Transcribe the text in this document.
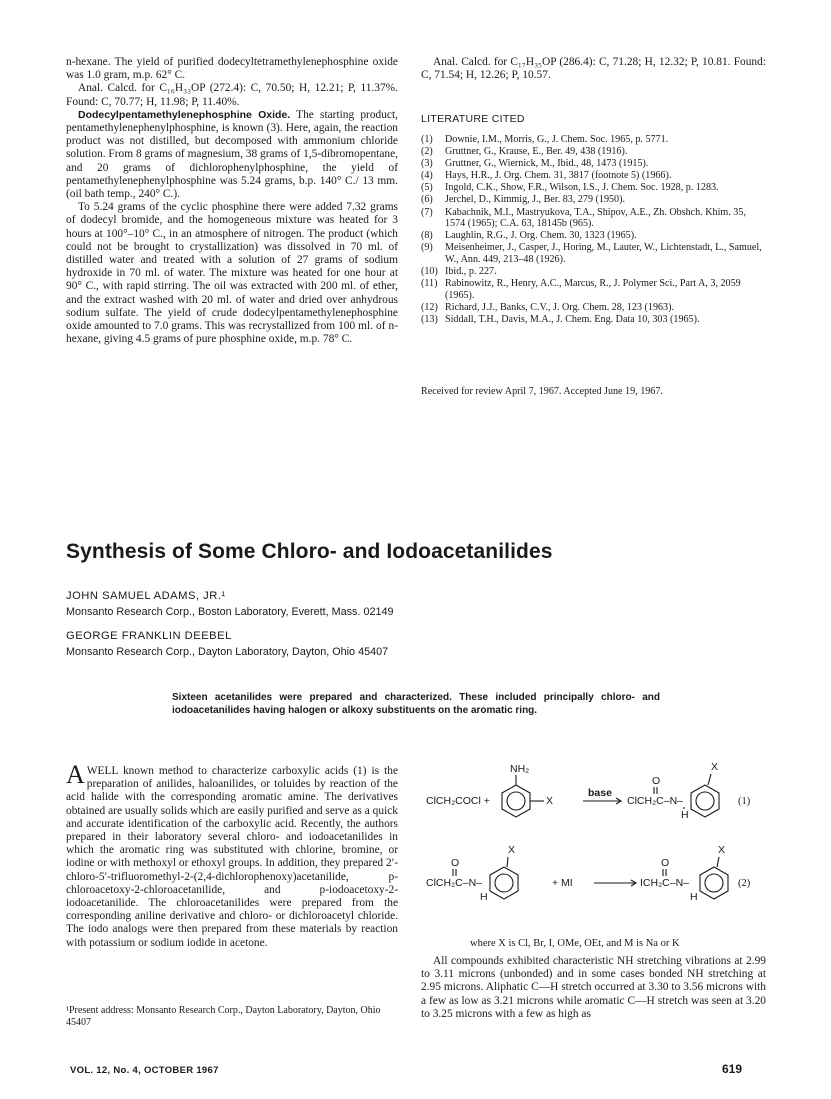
n-hexane. The yield of purified dodecyltetramethylenephosphine oxide was 1.0 gram, m.p. 62° C.

Anal. Calcd. for C₁₆H₃₃OP (272.4): C, 70.50; H, 12.21; P, 11.37%. Found: C, 70.77; H, 11.98; P, 11.40%.

Dodecylpentamethylenephosphine Oxide. The starting product, pentamethylenephenylphosphine, is known (3). Here, again, the reaction product was not distilled, but decomposed with ammonium chloride solution. From 8 grams of magnesium, 38 grams of 1,5-dibromopentane, and 20 grams of dichlorophenylphosphine, the yield of pentamethylenephenylphosphine was 5.24 grams, b.p. 140° C./ 13 mm. (oil bath temp., 240° C.).

To 5.24 grams of the cyclic phosphine there were added 7.32 grams of dodecyl bromide, and the homogeneous mixture was heated for 3 hours at 100°–10° C., in an atmosphere of nitrogen. The product (which could not be brought to crystallization) was dissolved in 70 ml. of distilled water and treated with a solution of 27 grams of sodium hydroxide in 70 ml. of water. The mixture was heated for one hour at 90° C., with rapid stirring. The oil was extracted with 200 ml. of ether, and the extract washed with 20 ml. of water and dried over anhydrous sodium sulfate. The yield of crude dodecylpentamethylenephosphine oxide amounted to 7.0 grams. This was recrystallized from 100 ml. of n-hexane, giving 4.5 grams of pure phosphine oxide, m.p. 78° C.

Anal. Calcd. for C₁₇H₃₅OP (286.4): C, 71.28; H, 12.32; P, 10.81. Found: C, 71.54; H, 12.26; P, 10.57.

LITERATURE CITED
(1)	Downie, I.M., Morris, G., J. Chem. Soc. 1965, p. 5771.
(2)	Gruttner, G., Krause, E., Ber. 49, 438 (1916).
(3)	Gruttner, G., Wiernick, M., Ibid., 48, 1473 (1915).
(4)	Hays, H.R., J. Org. Chem. 31, 3817 (footnote 5) (1966).
(5)	Ingold, C.K., Show, F.R., Wilson, I.S., J. Chem. Soc. 1928, p. 1283.
(6)	Jerchel, D., Kimmig, J., Ber. 83, 279 (1950).
(7)	Kabachnik, M.I., Mastryukova, T.A., Shipov, A.E., Zh. Obshch. Khim. 35, 1574 (1965); C.A. 63, 18145b (965).
(8)	Laughlin, R.G., J. Org. Chem. 30, 1323 (1965).
(9)	Meisenheimer, J., Casper, J., Horing, M., Lauter, W., Lichtenstadt, L., Samuel, W., Ann. 449, 213–48 (1926).
(10) Ibid., p. 227.
(11) Rabinowitz, R., Henry, A.C., Marcus, R., J. Polymer Sci., Part A, 3, 2059 (1965).
(12) Richard, J.J., Banks, C.V., J. Org. Chem. 28, 123 (1963).
(13) Siddall, T.H., Davis, M.A., J. Chem. Eng. Data 10, 303 (1965).
Received for review April 7, 1967. Accepted June 19, 1967.
Synthesis of Some Chloro- and Iodoacetanilides
JOHN SAMUEL ADAMS, JR.¹
Monsanto Research Corp., Boston Laboratory, Everett, Mass. 02149
GEORGE FRANKLIN DEEBEL
Monsanto Research Corp., Dayton Laboratory, Dayton, Ohio 45407
Sixteen acetanilides were prepared and characterized. These included principally chloro- and iodoacetanilides having halogen or alkoxy substituents on the aromatic ring.

AWELL known method to characterize carboxylic acids (1) is the preparation of anilides, haloanilides, or toluides by reaction of the acid halide with the corresponding aromatic amine. The derivatives obtained are usually solids which are easily purified and serve as a quick and accurate identification of the carboxylic acid. Recently, the authors prepared in their laboratory several chloro- and iodoacetanilides in which the aromatic ring was substituted with chlorine, bromine, or iodine or with methoxyl or ethoxyl groups. In addition, they prepared 2′-chloro-5′-trifluoromethyl-2-(2,4-dichlorophenoxy)acetanilide, p-chloroacetoxy-2-chloroacetanilide, and p-iodoacetoxy-2-iodoacetanilide. The chloroacetanilides were prepared from the corresponding aniline derivative and chloro- or dichloroacetyl chloride. The iodo analogs were then prepared from these materials by reaction with potassium or sodium iodide in acetone.

¹Present address: Monsanto Research Corp., Dayton Laboratory, Dayton, Ohio 45407
ClCH₂COCl +
NH₂
X
base
ClCH₂C–N–
O
H
X
(1)
ClCH₂C–N–
O
H
X
+ MI	ICH₂C–N–
O
H
X
(2)
where X is Cl, Br, I, OMe, OEt, and M is Na or K

All compounds exhibited characteristic NH stretching vibrations at 2.99 to 3.11 microns (unbonded) and in some cases bonded NH stretching at 2.95 microns. Aliphatic C—H stretch occurred at 3.30 to 3.56 microns with a few as low as 3.21 microns while aromatic C—H stretch was seen at 3.20 to 3.25 microns with a few as high as

VOL. 12, No. 4, OCTOBER 1967	619
